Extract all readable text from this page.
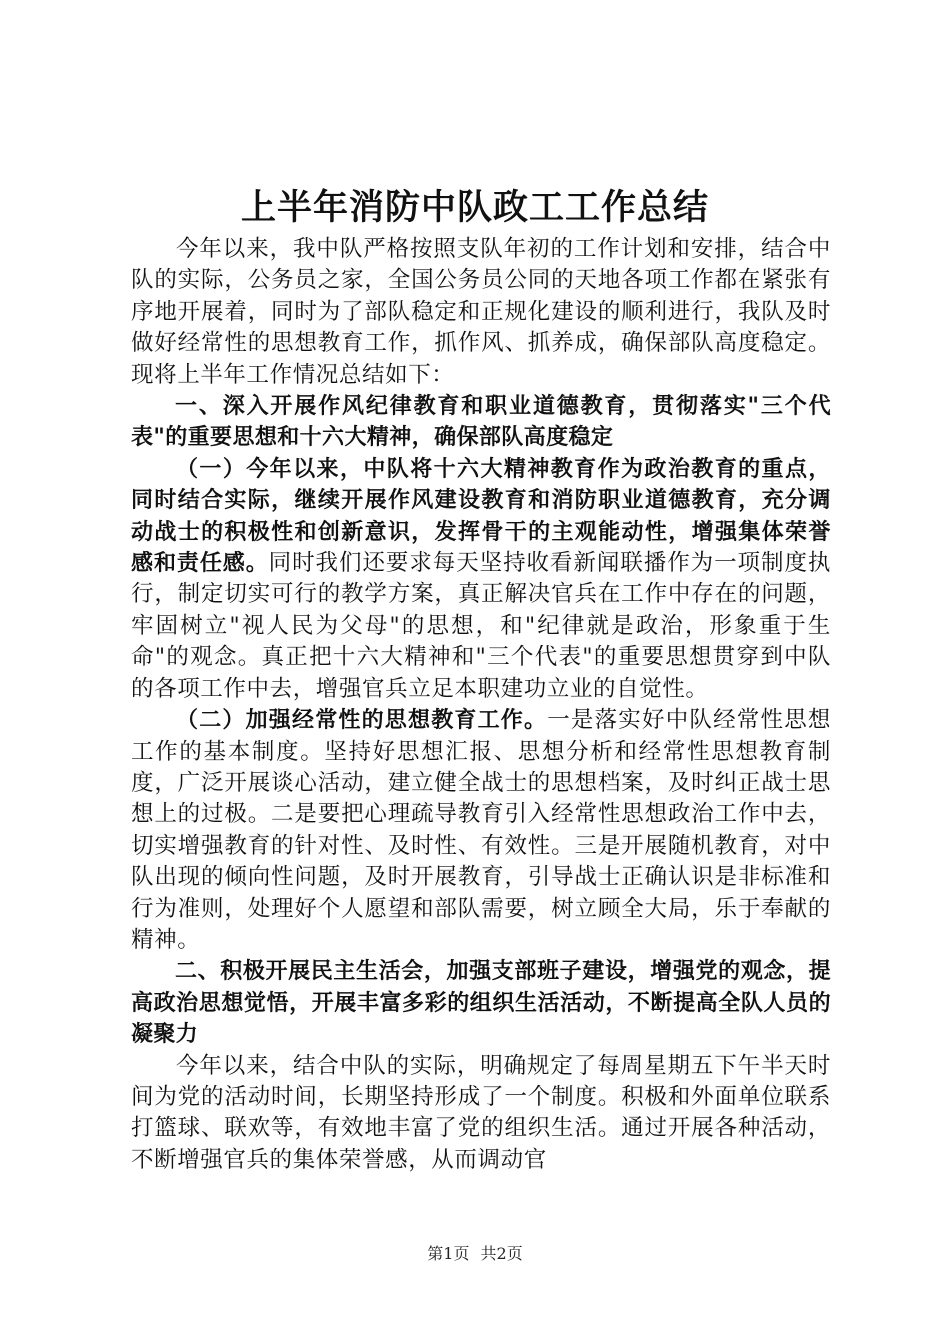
上半年消防中队政工工作总结

今年以来，我中队严格按照支队年初的工作计划和安排，结合中队的实际，公务员之家，全国公务员公同的天地各项工作都在紧张有序地开展着，同时为了部队稳定和正规化建设的顺利进行，我队及时做好经常性的思想教育工作，抓作风、抓养成，确保部队高度稳定。现将上半年工作情况总结如下：

一、深入开展作风纪律教育和职业道德教育，贯彻落实"三个代表"的重要思想和十六大精神，确保部队高度稳定

（一）今年以来，中队将十六大精神教育作为政治教育的重点，同时结合实际，继续开展作风建设教育和消防职业道德教育，充分调动战士的积极性和创新意识，发挥骨干的主观能动性，增强集体荣誉感和责任感。同时我们还要求每天坚持收看新闻联播作为一项制度执行，制定切实可行的教学方案，真正解决官兵在工作中存在的问题，牢固树立"视人民为父母"的思想，和"纪律就是政治，形象重于生命"的观念。真正把十六大精神和"三个代表"的重要思想贯穿到中队的各项工作中去，增强官兵立足本职建功立业的自觉性。

（二）加强经常性的思想教育工作。一是落实好中队经常性思想工作的基本制度。坚持好思想汇报、思想分析和经常性思想教育制度，广泛开展谈心活动，建立健全战士的思想档案，及时纠正战士思想上的过极。二是要把心理疏导教育引入经常性思想政治工作中去，切实增强教育的针对性、及时性、有效性。三是开展随机教育，对中队出现的倾向性问题，及时开展教育，引导战士正确认识是非标准和行为准则，处理好个人愿望和部队需要，树立顾全大局，乐于奉献的精神。

二、积极开展民主生活会，加强支部班子建设，增强党的观念，提高政治思想觉悟，开展丰富多彩的组织生活活动，不断提高全队人员的凝聚力

今年以来，结合中队的实际，明确规定了每周星期五下午半天时间为党的活动时间，长期坚持形成了一个制度。积极和外面单位联系打篮球、联欢等，有效地丰富了党的组织生活。通过开展各种活动，不断增强官兵的集体荣誉感，从而调动官

第1页 共2页
